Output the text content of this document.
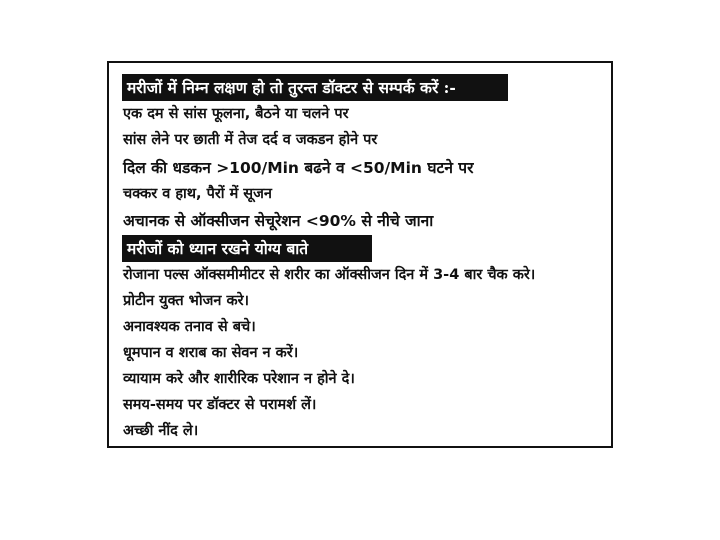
मरीजों में निम्न लक्षण हो तो तुरन्त डॉक्टर से सम्पर्क करें :-
एक दम से सांस फूलना, बैठने या चलने पर
सांस लेने पर छाती में तेज दर्द व जकडन होने पर
दिल की धडकन >100/Min बढने व <50/Min घटने पर
चक्कर व हाथ, पैरों में सूजन
अचानक से ऑक्सीजन सेचूरेशन <90% से नीचे जाना
मरीजों को ध्यान रखने योग्य बाते
रोजाना पल्स ऑक्समीमीटर से शरीर का ऑक्सीजन दिन में 3-4 बार चैक करे।
प्रोटीन युक्त भोजन करे।
अनावश्यक तनाव से बचे।
धूमपान व शराब का सेवन न करें।
व्यायाम करे और शारीरिक परेशान न होने दे।
समय-समय पर डॉक्टर से परामर्श लें।
अच्छी नींद ले।
